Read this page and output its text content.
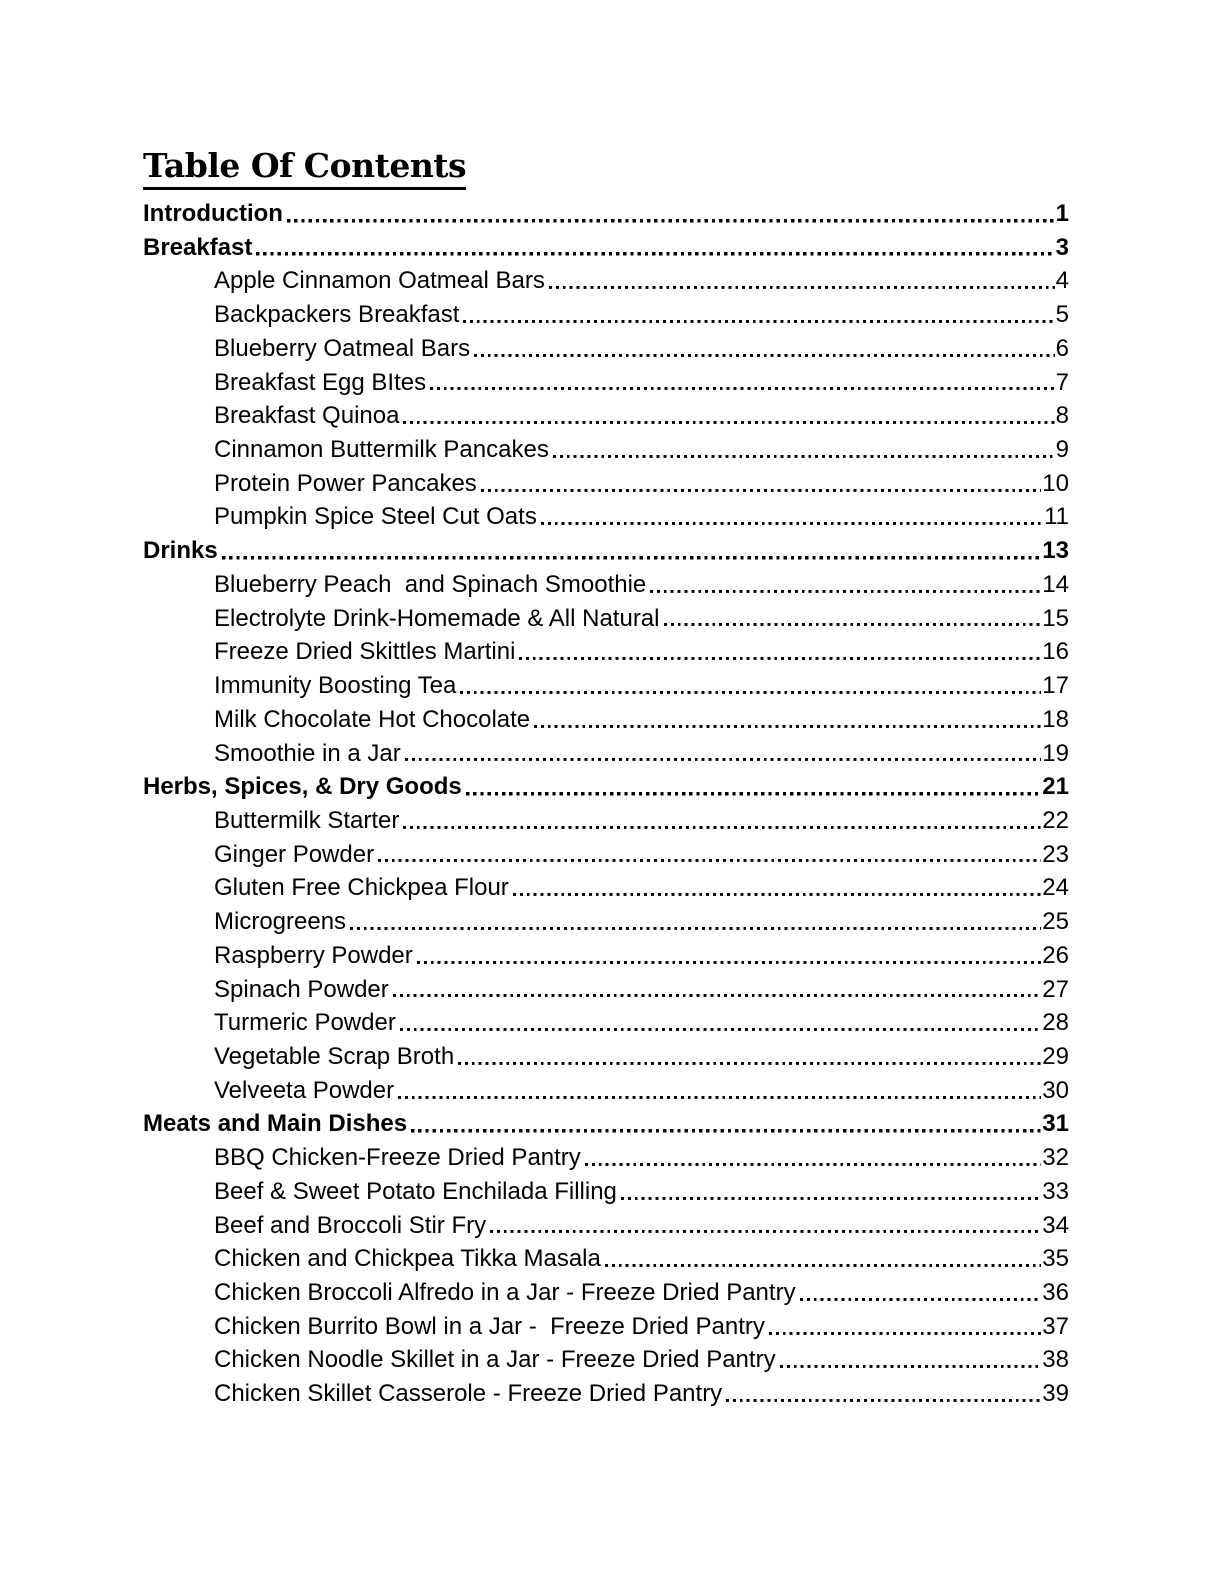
Table Of Contents
Introduction	1
Breakfast	3
Apple Cinnamon Oatmeal Bars	4
Backpackers Breakfast	5
Blueberry Oatmeal Bars	6
Breakfast Egg BItes	7
Breakfast Quinoa	8
Cinnamon Buttermilk Pancakes	9
Protein Power Pancakes	10
Pumpkin Spice Steel Cut Oats	11
Drinks	13
Blueberry Peach  and Spinach Smoothie	14
Electrolyte Drink-Homemade & All Natural	15
Freeze Dried Skittles Martini	16
Immunity Boosting Tea	17
Milk Chocolate Hot Chocolate	18
Smoothie in a Jar	19
Herbs, Spices, & Dry Goods	21
Buttermilk Starter	22
Ginger Powder	23
Gluten Free Chickpea Flour	24
Microgreens	25
Raspberry Powder	26
Spinach Powder	27
Turmeric Powder	28
Vegetable Scrap Broth	29
Velveeta Powder	30
Meats and Main Dishes	31
BBQ Chicken-Freeze Dried Pantry	32
Beef & Sweet Potato Enchilada Filling	33
Beef and Broccoli Stir Fry	34
Chicken and Chickpea Tikka Masala	35
Chicken Broccoli Alfredo in a Jar - Freeze Dried Pantry	36
Chicken Burrito Bowl in a Jar -  Freeze Dried Pantry	37
Chicken Noodle Skillet in a Jar - Freeze Dried Pantry	38
Chicken Skillet Casserole - Freeze Dried Pantry	39
